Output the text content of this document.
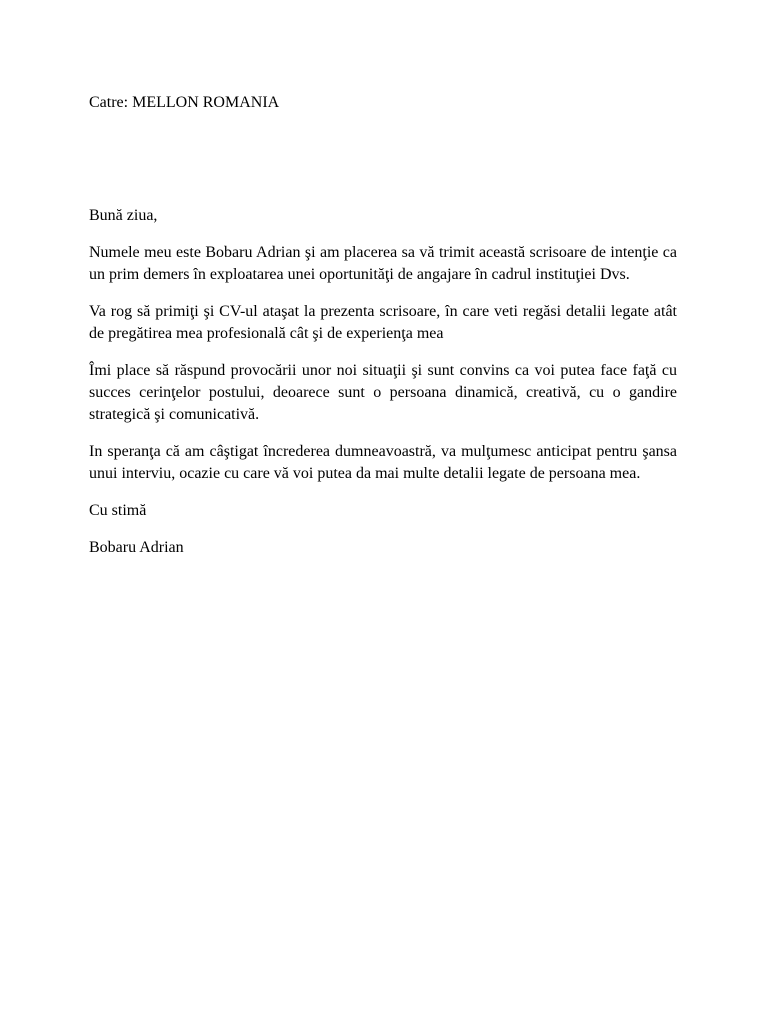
Catre: MELLON ROMANIA

Bună ziua,

Numele meu este Bobaru Adrian şi am placerea sa vă trimit această scrisoare de intenţie ca un prim demers în exploatarea unei oportunităţi de angajare în cadrul instituţiei Dvs.

Va rog să primiţi şi CV-ul ataşat la prezenta scrisoare, în care veti regăsi detalii legate atât de pregătirea mea profesională cât şi de experienţa mea

Îmi place să răspund provocării unor noi situaţii şi sunt convins ca voi putea face faţă cu succes cerinţelor postului, deoarece sunt o persoana dinamică, creativă, cu o gandire strategică şi comunicativă.

In speranţa că am câştigat încrederea dumneavoastră, va mulţumesc anticipat pentru şansa unui interviu, ocazie cu care vă voi putea da mai multe detalii legate de persoana mea.

Cu stimă

Bobaru Adrian
